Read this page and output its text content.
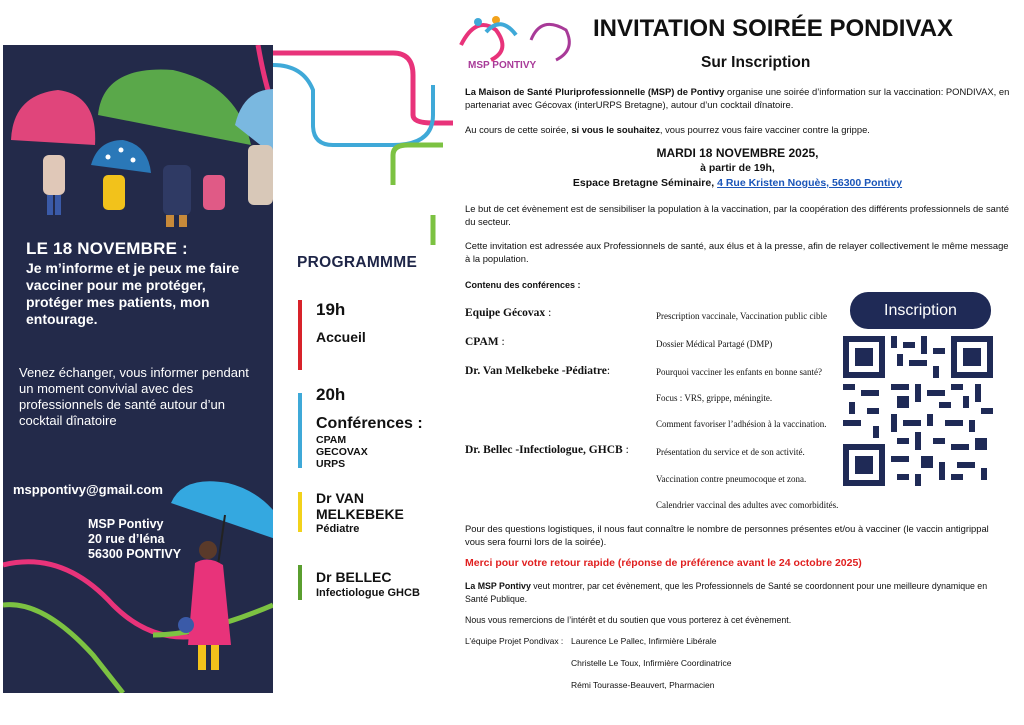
LE 18 NOVEMBRE :
Je m’informe et je peux me faire
vacciner pour me protéger,
protéger mes patients, mon
entourage.
Venez échanger, vous informer pendant
un moment convivial avec des
professionnels de santé autour d’un
cocktail dînatoire
msppontivy@gmail.com
MSP Pontivy
20 rue d’Iéna
56300 PONTIVY
PROGRAMMME
19h
Accueil
20h
Conférences :
CPAM
GECOVAX
URPS
Dr VAN
MELKEBEKE
Pédiatre
Dr BELLEC
Infectiologue GHCB
MSP PONTIVY
INVITATION SOIRÉE PONDIVAX
Sur Inscription
La Maison de Santé Pluriprofessionnelle (MSP) de Pontivy organise une soirée d’information sur la vaccination: PONDIVAX, en partenariat avec Gécovax (interURPS Bretagne), autour d’un cocktail dînatoire.
Au cours de cette soirée, si vous le souhaitez, vous pourrez vous faire vacciner contre la grippe.
MARDI 18 NOVEMBRE 2025,
à partir de 19h,
Espace Bretagne Séminaire, 4 Rue Kristen Noguès, 56300 Pontivy
Le but de cet évènement est de sensibiliser la population à la vaccination, par la coopération des différents professionnels de santé du secteur.
Cette invitation est adressée aux Professionnels de santé, aux élus et à la presse, afin de relayer collectivement le même message à la population.
Contenu des conférences :
Equipe Gécovax :
CPAM :
Dr. Van Melkebeke -Pédiatre:
Dr. Bellec -Infectiologue, GHCB :
Prescription vaccinale, Vaccination public cible
Dossier Médical Partagé (DMP)
Pourquoi vacciner les enfants en bonne santé?
Focus : VRS, grippe, méningite.
Comment favoriser l’adhésion à la vaccination.
Présentation du service et de son activité.
Vaccination contre pneumocoque et zona.
Calendrier vaccinal des adultes avec comorbidités.
Inscription
Pour des questions logistiques, il nous faut connaître le nombre de personnes présentes et/ou à vacciner (le vaccin antigrippal vous sera fourni lors de la soirée).
Merci pour votre retour rapide (réponse de préférence avant le 24 octobre 2025)
La MSP Pontivy veut montrer, par cet évènement, que les Professionnels de Santé se coordonnent pour une meilleure dynamique en Santé Publique.
Nous vous remercions de l’intérêt et du soutien que vous porterez à cet évènement.
L’équipe Projet Pondivax : Laurence Le Pallec, Infirmière Libérale
Christelle Le Toux, Infirmière Coordinatrice
Rémi Tourasse-Beauvert, Pharmacien
